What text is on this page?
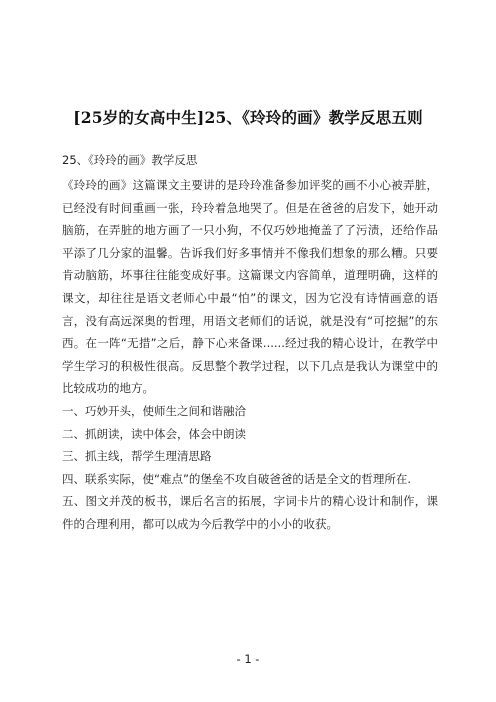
[25岁的女高中生]25、《玲玲的画》教学反思五则
25、《玲玲的画》教学反思

《玲玲的画》这篇课文主要讲的是玲玲准备参加评奖的画不小心被弄脏，已经没有时间重画一张，玲玲着急地哭了。但是在爸爸的启发下，她开动脑筋，在弄脏的地方画了一只小狗，不仅巧妙地掩盖了了污渍，还给作品平添了几分家的温馨。告诉我们好多事情并不像我们想象的那么糟。只要肯动脑筋，坏事往往能变成好事。这篇课文内容简单，道理明确，这样的课文，却往往是语文老师心中最“怕”的课文，因为它没有诗情画意的语言，没有高远深奥的哲理，用语文老师们的话说，就是没有“可挖掘”的东西。在一阵“无措”之后，静下心来备课......经过我的精心设计，在教学中学生学习的积极性很高。反思整个教学过程，以下几点是我认为课堂中的比较成功的地方。

一、巧妙开头，使师生之间和谐融洽
二、抓朗读，读中体会，体会中朗读
三、抓主线，帮学生理清思路
四、联系实际，使“难点”的堡垒不攻自破爸爸的话是全文的哲理所在.
五、图文并茂的板书，课后名言的拓展，字词卡片的精心设计和制作，课件的合理利用，都可以成为今后教学中的小小的收获。
- 1 -
